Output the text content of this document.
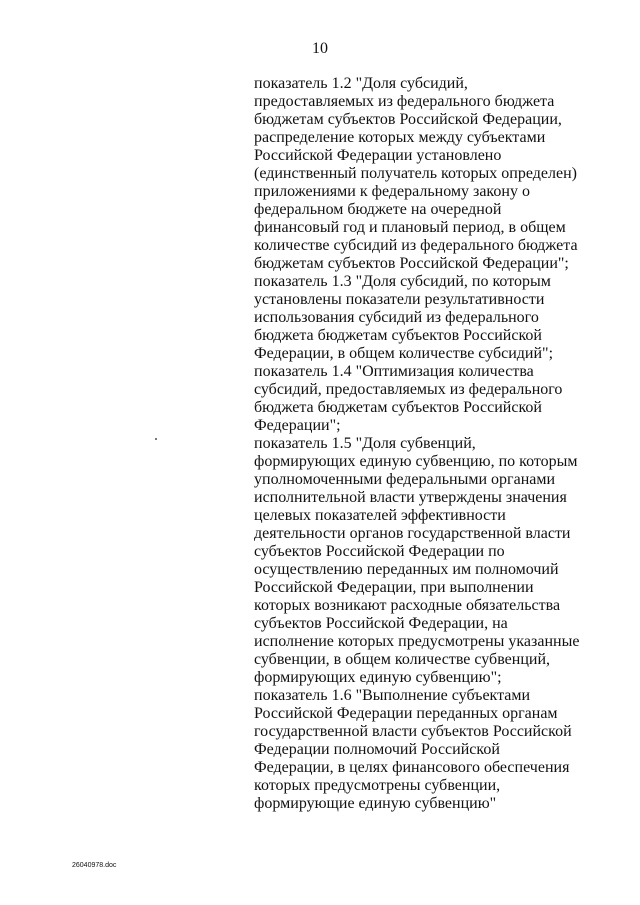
10

показатель 1.2 "Доля субсидий,
предоставляемых из федерального бюджета
бюджетам субъектов Российской Федерации,
распределение которых между субъектами
Российской Федерации установлено
(единственный получатель которых определен)
приложениями к федеральному закону о
федеральном бюджете на очередной
финансовый год и плановый период, в общем
количестве субсидий из федерального бюджета
бюджетам субъектов Российской Федерации";
показатель 1.3 "Доля субсидий, по которым
установлены показатели результативности
использования субсидий из федерального
бюджета бюджетам субъектов Российской
Федерации, в общем количестве субсидий";
показатель 1.4 "Оптимизация количества
субсидий, предоставляемых из федерального
бюджета бюджетам субъектов Российской
Федерации";
показатель 1.5 "Доля субвенций,
формирующих единую субвенцию, по которым
уполномоченными федеральными органами
исполнительной власти утверждены значения
целевых показателей эффективности
деятельности органов государственной власти
субъектов Российской Федерации по
осуществлению переданных им полномочий
Российской Федерации, при выполнении
которых возникают расходные обязательства
субъектов Российской Федерации, на
исполнение которых предусмотрены указанные
субвенции, в общем количестве субвенций,
формирующих единую субвенцию";
показатель 1.6 "Выполнение субъектами
Российской Федерации переданных органам
государственной власти субъектов Российской
Федерации полномочий Российской
Федерации, в целях финансового обеспечения
которых предусмотрены субвенции,
формирующие единую субвенцию"

26040978.doc
